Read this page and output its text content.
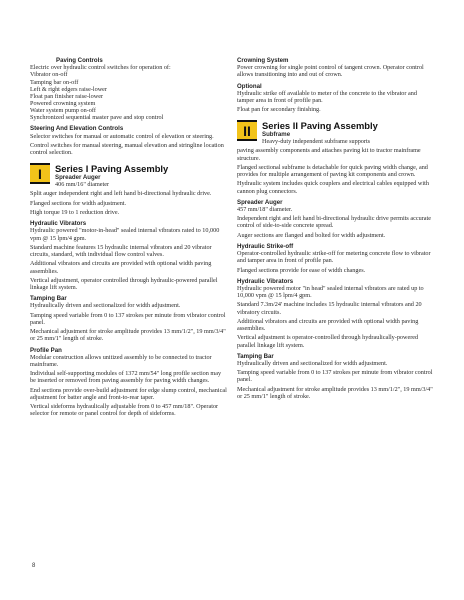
Paving Controls
Electric over hydraulic control switches for operation of:
Vibrator on-off
Tamping bar on-off
Left & right edgers raise-lower
Float pan finisher raise-lower
Powered crowning system
Water system pump on-off
Synchronized sequential master pave and stop control
Steering And Elevation Controls

Selector switches for manual or automatic control of elevation or steering.

Control switches for manual steering, manual elevation and stringline location control selection.

I	Series I Paving Assembly
Spreader Auger
406 mm/16" diameter

Split auger independent right and left hand bi-directional hydraulic drive.

Flanged sections for width adjustment.

High torque 19 to 1 reduction drive.

Hydraulic Vibrators

Hydraulic powered "motor-in-head" sealed internal vibrators rated to 10,000 vpm @ 15 lpm/4 gpm.

Standard machine features 15 hydraulic internal vibrators and 20 vibrator circuits, standard, with individual flow control valves.

Additional vibrators and circuits are provided with optional width paving assemblies.

Vertical adjustment, operator controlled through hydraulic-powered parallel linkage lift system.

Tamping Bar

Hydraulically driven and sectionalized for width adjustment.

Tamping speed variable from 0 to 137 strokes per minute from vibrator control panel.

Mechanical adjustment for stroke amplitude provides 13 mm/1/2", 19 mm/3/4" or 25 mm/1" length of stroke.

Profile Pan

Modular construction allows unitized assembly to be connected to tractor mainframe.

Individual self-supporting modules of 1372 mm/54" long profile section may be inserted or removed from paving assembly for paving width changes.

End sections provide over-build adjustment for edge slump control, mechanical adjustment for batter angle and front-to-rear taper.

Vertical sideforms hydraulically adjustable from 0 to 457 mm/18". Operator selector for remote or panel control for depth of sideforms.

Crowning System

Power crowning for single point control of tangent crown. Operator control allows transitioning into and out of crown.

Optional

Hydraulic strike off available to meter of the concrete to the vibrator and tamper area in front of profile pan.

Float pan for secondary finishing.

II	Series II Paving Assembly
Subframe
Heavy-duty independent subframe supports

paving assembly components and attaches paving kit to tractor mainframe structure.

Flanged sectional subframe is detachable for quick paving width change, and provides for multiple arrangement of paving kit components and crown.

Hydraulic system includes quick couplers and electrical cables equipped with cannon plug connectors.

Spreader Auger

457 mm/18" diameter.

Independent right and left hand bi-directional hydraulic drive permits accurate control of side-to-side concrete spread.

Auger sections are flanged and bolted for width adjustment.

Hydraulic Strike-off

Operator-controlled hydraulic strike-off for metering concrete flow to vibrator and tamper area in front of profile pan.

Flanged sections provide for ease of width changes.

Hydraulic Vibrators

Hydraulic powered motor "in head" sealed internal vibrators are rated up to 10,000 vpm @ 15 lpm/4 gpm.

Standard 7.3m/24' machine includes 15 hydraulic internal vibrators and 20 vibratory circuits.

Additional vibrators and circuits are provided with optional width paving assemblies.

Vertical adjustment is operator-controlled through hydraulically-powered parallel linkage lift system.

Tamping Bar

Hydraulically driven and sectionalized for width adjustment.

Tamping speed variable from 0 to 137 strokes per minute from vibrator control panel.

Mechanical adjustment for stroke amplitude provides 13 mm/1/2", 19 mm/3/4" or 25 mm/1" length of stroke.

8
